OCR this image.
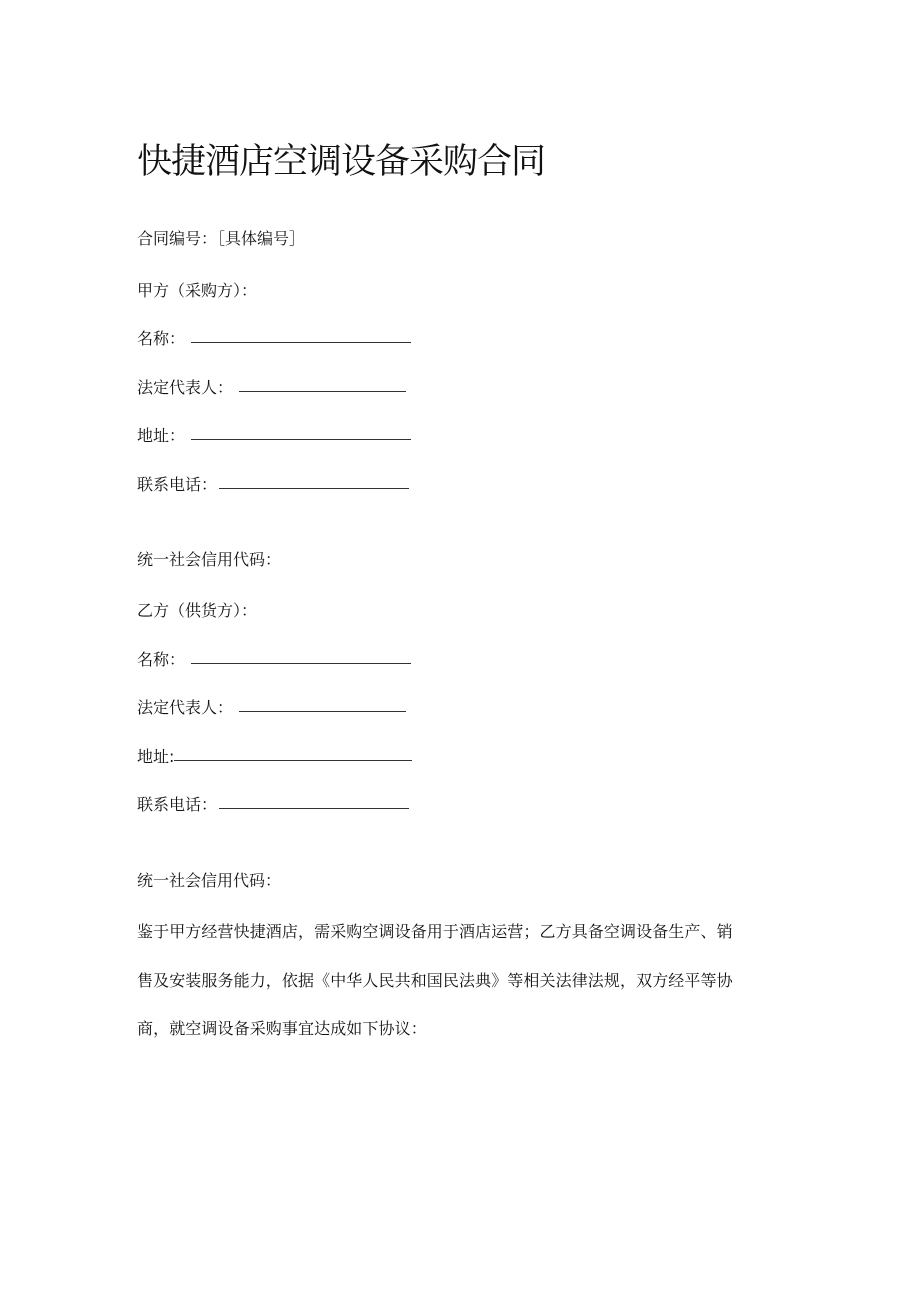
快捷酒店空调设备采购合同
合同编号：［具体编号］
甲方（采购方）：
名称：
法定代表人：
地址：
联系电话：
统一社会信用代码：
乙方（供货方）：
名称：
法定代表人：
地址:
联系电话：
统一社会信用代码：
鉴于甲方经营快捷酒店，需采购空调设备用于酒店运营；乙方具备空调设备生产、销
售及安装服务能力，依据《中华人民共和国民法典》等相关法律法规，双方经平等协
商，就空调设备采购事宜达成如下协议：
